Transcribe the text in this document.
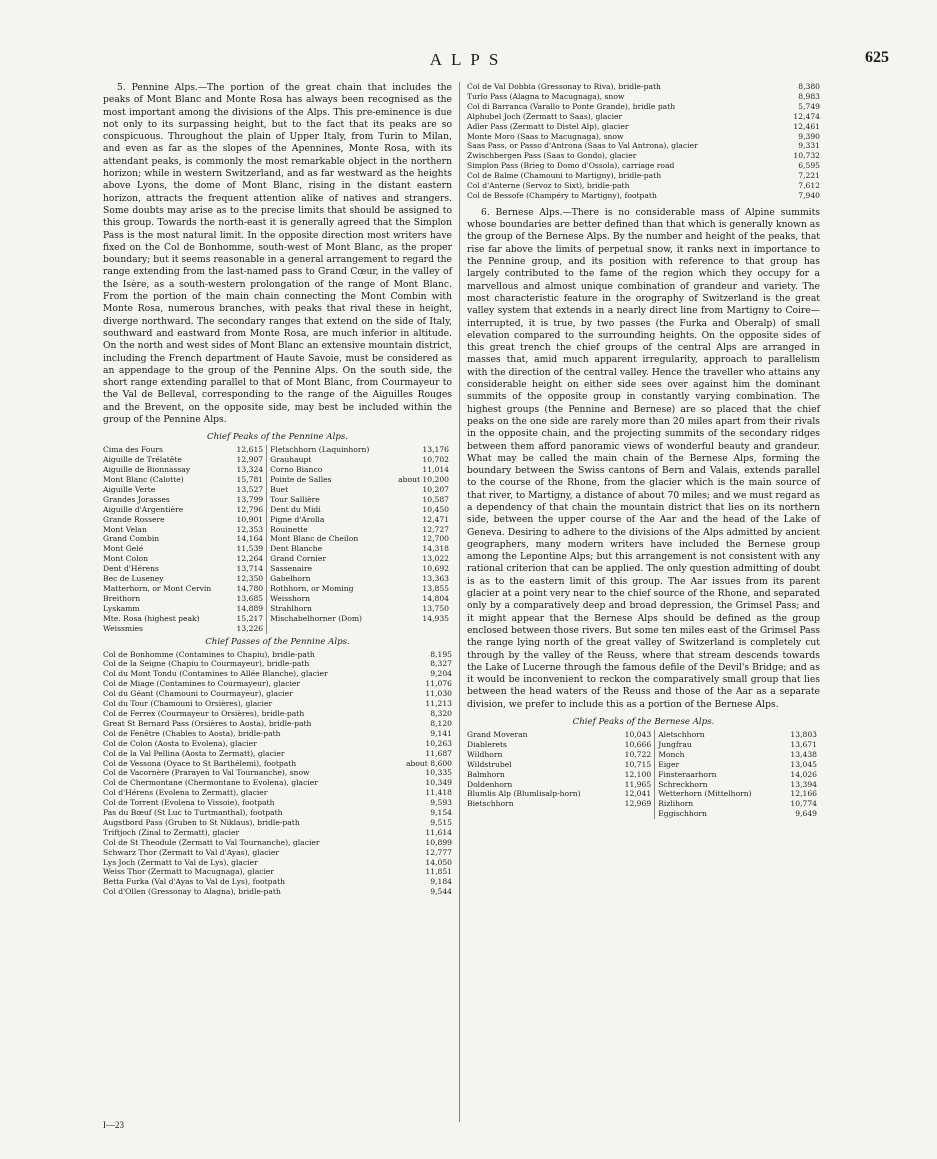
ALPS	625

5. Pennine Alps.—The portion of the great chain that includes the peaks of Mont Blanc and Monte Rosa has always been recognised as the most important among the divisions of the Alps. This pre-eminence is due not only to its surpassing height, but to the fact that its peaks are so conspicuous. Throughout the plain of Upper Italy, from Turin to Milan, and even as far as the slopes of the Apennines, Monte Rosa, with its attendant peaks, is commonly the most remarkable object in the northern horizon; while in western Switzerland, and as far westward as the heights above Lyons, the dome of Mont Blanc, rising in the distant eastern horizon, attracts the frequent attention alike of natives and strangers. Some doubts may arise as to the precise limits that should be assigned to this group. Towards the north-east it is generally agreed that the Simplon Pass is the most natural limit. In the opposite direction most writers have fixed on the Col de Bonhomme, south-west of Mont Blanc, as the proper boundary; but it seems reasonable in a general arrangement to regard the range extending from the last-named pass to Grand Cœur, in the valley of the Isère, as a south-western prolongation of the range of Mont Blanc. From the portion of the main chain connecting the Mont Combin with Monte Rosa, numerous branches, with peaks that rival these in height, diverge northward. The secondary ranges that extend on the side of Italy, southward and eastward from Monte Rosa, are much inferior in altitude. On the north and west sides of Mont Blanc an extensive mountain district, including the French department of Haute Savoie, must be considered as an appendage to the group of the Pennine Alps. On the south side, the short range extending parallel to that of Mont Blanc, from Courmayeur to the Val de Belleval, corresponding to the range of the Aiguilles Rouges and the Brevent, on the opposite side, may best be included within the group of the Pennine Alps.

Chief Peaks of the Pennine Alps.
Cima des Fours	12,615	Fletschhorn (Laquinhorn)	13,176
Aiguille de Trélatête	12,907	Grauhaupt	10,702
Aiguille de Bionnassay	13,324	Corno Bianco	11,014
Mont Blanc (Calotte)	15,781	Pointe de Salles	about 10,200
Aiguille Verte	13,527	Buet	10,207
Grandes Jorasses	13,799	Tour Sallière	10,587
Aiguille d'Argentière	12,796	Dent du Midi	10,450
Grande Rossere	10,901	Pigne d'Arolla	12,471
Mont Velan	12,353	Rouinette	12,727
Grand Combin	14,164	Mont Blanc de Cheilon	12,700
Mont Gelé	11,539	Dent Blanche	14,318
Mont Colon	12,264	Grand Cornier	13,022
Dent d'Hérens	13,714	Sassenaire	10,692
Bec de Luseney	12,350	Gabelhorn	13,363
Matterhorn, or Mont Cervin	14,780	Rothhorn, or Moming	13,855
Breithorn	13,685	Weisshorn	14,804
Lyskamm	14,889	Strahlhorn	13,750
Mte. Rosa (highest peak)	15,217	Mischabelhorner (Dom)	14,935
Weissmies	13,226		
Chief Passes of the Pennine Alps.
Col de Bonhomme (Contamines to Chapiu), bridle-path	8,195
Col de la Seigne (Chapiu to Courmayeur), bridle-path	8,327
Col du Mont Tondu (Contamines to Allée Blanche), glacier	9,204
Col de Miage (Contamines to Courmayeur), glacier	11,076
Col du Géant (Chamouni to Courmayeur), glacier	11,030
Col du Tour (Chamouni to Orsières), glacier	11,213
Col de Ferrex (Courmayeur to Orsières), bridle-path	8,320
Great St Bernard Pass (Orsières to Aosta), bridle-path	8,120
Col de Fenêtre (Chables to Aosta), bridle-path	9,141
Col de Colon (Aosta to Evolena), glacier	10,263
Col de la Val Pellina (Aosta to Zermatt), glacier	11,687
Col de Vessona (Oyace to St Barthélemi), footpath	about 8,600
Col de Vacornère (Prarayen to Val Tournanche), snow	10,335
Col de Chermontane (Chermontane to Evolena), glacier	10,349
Col d'Hérens (Evolena to Zermatt), glacier	11,418
Col de Torrent (Evolena to Vissoie), footpath	9,593
Pas du Bœuf (St Luc to Turtmanthal), footpath	9,154
Augstbord Pass (Gruben to St Niklaus), bridle-path	9,515
Triftjoch (Zinal to Zermatt), glacier	11,614
Col de St Theodule (Zermatt to Val Tournanche), glacier	10,899
Schwarz Thor (Zermatt to Val d'Ayas), glacier	12,777
Lys Joch (Zermatt to Val de Lys), glacier	14,050
Weiss Thor (Zermatt to Macugnaga), glacier	11,851
Betta Furka (Val d'Ayas to Val de Lys), footpath	9,184
Col d'Ollen (Gressonay to Alagna), bridle-path	9,544
Col de Val Dobbia (Gressonay to Riva), bridle-path	8,380
Turlo Pass (Alagna to Macugnaga), snow	8,983
Col di Barranca (Varallo to Ponte Grande), bridle path	5,749
Alphubel Joch (Zermatt to Saas), glacier	12,474
Adler Pass (Zermatt to Distel Alp), glacier	12,461
Monte Moro (Saas to Macugnaga), snow	9,390
Saas Pass, or Passo d'Antrona (Saas to Val Antrona), glacier	9,331
Zwischbergen Pass (Saas to Gondo), glacier	10,732
Simplon Pass (Brieg to Domo d'Ossola), carriage road	6,595
Col de Balme (Chamouni to Martigny), bridle-path	7,221
Col d'Anterne (Servoz to Sixt), bridle-path	7,612
Col de Bessofe (Champéry to Martigny), footpath	7,940

6. Bernese Alps.—There is no considerable mass of Alpine summits whose boundaries are better defined than that which is generally known as the group of the Bernese Alps. By the number and height of the peaks, that rise far above the limits of perpetual snow, it ranks next in importance to the Pennine group, and its position with reference to that group has largely contributed to the fame of the region which they occupy for a marvellous and almost unique combination of grandeur and variety. The most characteristic feature in the orography of Switzerland is the great valley system that extends in a nearly direct line from Martigny to Coire—interrupted, it is true, by two passes (the Furka and Oberalp) of small elevation compared to the surrounding heights. On the opposite sides of this great trench the chief groups of the central Alps are arranged in masses that, amid much apparent irregularity, approach to parallelism with the direction of the central valley. Hence the traveller who attains any considerable height on either side sees over against him the dominant summits of the opposite group in constantly varying combination. The highest groups (the Pennine and Bernese) are so placed that the chief peaks on the one side are rarely more than 20 miles apart from their rivals in the opposite chain, and the projecting summits of the secondary ridges between them afford panoramic views of wonderful beauty and grandeur. What may be called the main chain of the Bernese Alps, forming the boundary between the Swiss cantons of Bern and Valais, extends parallel to the course of the Rhone, from the glacier which is the main source of that river, to Martigny, a distance of about 70 miles; and we must regard as a dependency of that chain the mountain district that lies on its northern side, between the upper course of the Aar and the head of the Lake of Geneva. Desiring to adhere to the divisions of the Alps admitted by ancient geographers, many modern writers have included the Bernese group among the Lepontine Alps; but this arrangement is not consistent with any rational criterion that can be applied. The only question admitting of doubt is as to the eastern limit of this group. The Aar issues from its parent glacier at a point very near to the chief source of the Rhone, and separated only by a comparatively deep and broad depression, the Grimsel Pass; and it might appear that the Bernese Alps should be defined as the group enclosed between those rivers. But some ten miles east of the Grimsel Pass the range lying north of the great valley of Switzerland is completely cut through by the valley of the Reuss, where that stream descends towards the Lake of Lucerne through the famous defile of the Devil's Bridge; and as it would be inconvenient to reckon the comparatively small group that lies between the head waters of the Reuss and those of the Aar as a separate division, we prefer to include this as a portion of the Bernese Alps.

Chief Peaks of the Bernese Alps.
Grand Moveran	10,043	Aletschhorn	13,803
Diablerets	10,666	Jungfrau	13,671
Wildhorn	10,722	Monch	13,438
Wildstrubel	10,715	Eiger	13,045
Balmhorn	12,100	Finsteraarhorn	14,026
Doldenhorn	11,965	Schreckhorn	13,394
Blumlis Alp (Blumlisalp-horn)	12,041	Wetterhorn (Mittelhorn)	12,166
Bietschhorn	12,969	Rizlihorn	10,774
		Eggischhorn	9,649
I—23
